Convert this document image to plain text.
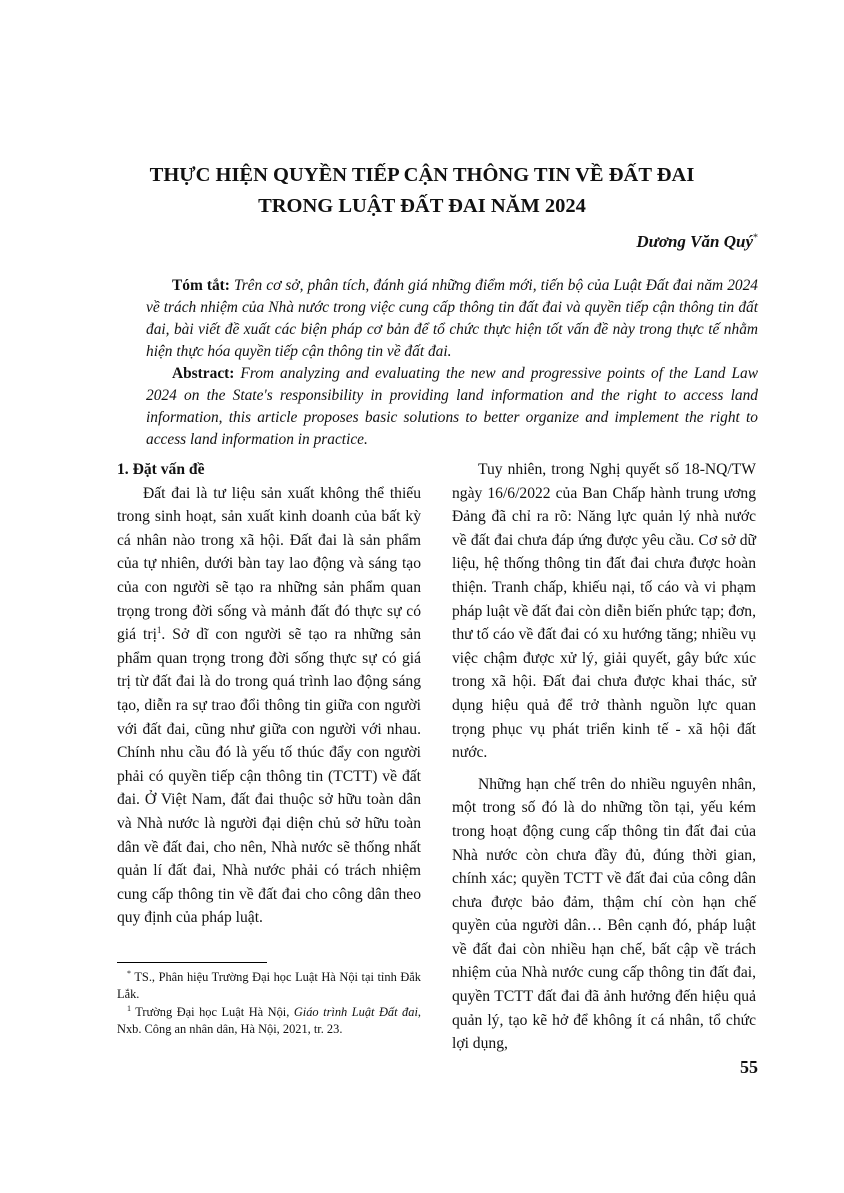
THỰC HIỆN QUYỀN TIẾP CẬN THÔNG TIN VỀ ĐẤT ĐAI
TRONG LUẬT ĐẤT ĐAI NĂM 2024
Dương Văn Quý*
Tóm tắt: Trên cơ sở, phân tích, đánh giá những điểm mới, tiến bộ của Luật Đất đai năm 2024 về trách nhiệm của Nhà nước trong việc cung cấp thông tin đất đai và quyền tiếp cận thông tin đất đai, bài viết đề xuất các biện pháp cơ bản để tổ chức thực hiện tốt vấn đề này trong thực tế nhằm hiện thực hóa quyền tiếp cận thông tin về đất đai.
Abstract: From analyzing and evaluating the new and progressive points of the Land Law 2024 on the State's responsibility in providing land information and the right to access land information, this article proposes basic solutions to better organize and implement the right to access land information in practice.
1. Đặt vấn đề

Đất đai là tư liệu sản xuất không thể thiếu trong sinh hoạt, sản xuất kinh doanh của bất kỳ cá nhân nào trong xã hội. Đất đai là sản phẩm của tự nhiên, dưới bàn tay lao động và sáng tạo của con người sẽ tạo ra những sản phẩm quan trọng trong đời sống và mảnh đất đó thực sự có giá trị$^1$. Sở dĩ con người sẽ tạo ra những sản phẩm quan trọng trong đời sống thực sự có giá trị từ đất đai là do trong quá trình lao động sáng tạo, diễn ra sự trao đổi thông tin giữa con người với đất đai, cũng như giữa con người với nhau. Chính nhu cầu đó là yếu tố thúc đẩy con người phải có quyền tiếp cận thông tin (TCTT) về đất đai. Ở Việt Nam, đất đai thuộc sở hữu toàn dân và Nhà nước là người đại diện chủ sở hữu toàn dân về đất đai, cho nên, Nhà nước sẽ thống nhất quản lí đất đai, Nhà nước phải có trách nhiệm cung cấp thông tin về đất đai cho công dân theo quy định của pháp luật.

* TS., Phân hiệu Trường Đại học Luật Hà Nội tại tỉnh Đắk Lắk.

$^1$ Trường Đại học Luật Hà Nội, Giáo trình Luật Đất đai, Nxb. Công an nhân dân, Hà Nội, 2021, tr. 23.

Tuy nhiên, trong Nghị quyết số 18-NQ/TW ngày 16/6/2022 của Ban Chấp hành trung ương Đảng đã chỉ ra rõ: Năng lực quản lý nhà nước về đất đai chưa đáp ứng được yêu cầu. Cơ sở dữ liệu, hệ thống thông tin đất đai chưa được hoàn thiện. Tranh chấp, khiếu nại, tố cáo và vi phạm pháp luật về đất đai còn diễn biến phức tạp; đơn, thư tố cáo về đất đai có xu hướng tăng; nhiều vụ việc chậm được xử lý, giải quyết, gây bức xúc trong xã hội. Đất đai chưa được khai thác, sử dụng hiệu quả để trở thành nguồn lực quan trọng phục vụ phát triển kinh tế - xã hội đất nước.

Những hạn chế trên do nhiều nguyên nhân, một trong số đó là do những tồn tại, yếu kém trong hoạt động cung cấp thông tin đất đai của Nhà nước còn chưa đầy đủ, đúng thời gian, chính xác; quyền TCTT về đất đai của công dân chưa được bảo đảm, thậm chí còn hạn chế quyền của người dân… Bên cạnh đó, pháp luật về đất đai còn nhiều hạn chế, bất cập về trách nhiệm của Nhà nước cung cấp thông tin đất đai, quyền TCTT đất đai đã ảnh hưởng đến hiệu quả quản lý, tạo kẽ hở để không ít cá nhân, tổ chức lợi dụng,

55
